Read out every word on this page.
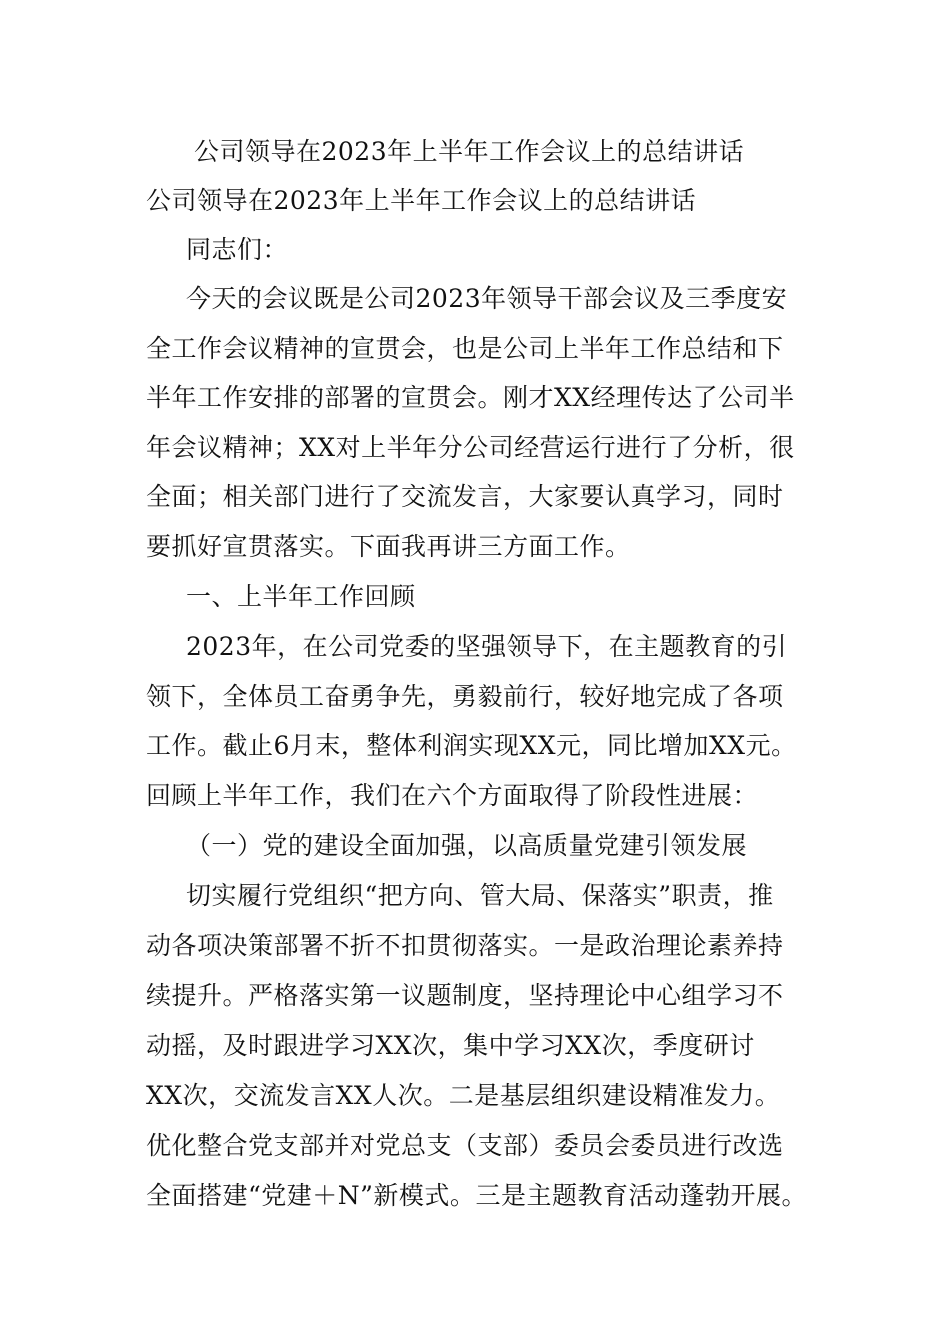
公司领导在2023年上半年工作会议上的总结讲话
公司领导在2023年上半年工作会议上的总结讲话
同志们：
今天的会议既是公司2023年领导干部会议及三季度安
全工作会议精神的宣贯会，也是公司上半年工作总结和下
半年工作安排的部署的宣贯会。刚才XX经理传达了公司半
年会议精神；XX对上半年分公司经营运行进行了分析，很
全面；相关部门进行了交流发言，大家要认真学习，同时
要抓好宣贯落实。下面我再讲三方面工作。
一、上半年工作回顾
2023年，在公司党委的坚强领导下，在主题教育的引
领下，全体员工奋勇争先，勇毅前行，较好地完成了各项
工作。截止6月末，整体利润实现XX元，同比增加XX元。
回顾上半年工作，我们在六个方面取得了阶段性进展：
（一）党的建设全面加强，以高质量党建引领发展
切实履行党组织“把方向、管大局、保落实”职责，推
动各项决策部署不折不扣贯彻落实。一是政治理论素养持
续提升。严格落实第一议题制度，坚持理论中心组学习不
动摇，及时跟进学习XX次，集中学习XX次，季度研讨
XX次，交流发言XX人次。二是基层组织建设精准发力。
优化整合党支部并对党总支（支部）委员会委员进行改选
全面搭建“党建＋N”新模式。三是主题教育活动蓬勃开展。
